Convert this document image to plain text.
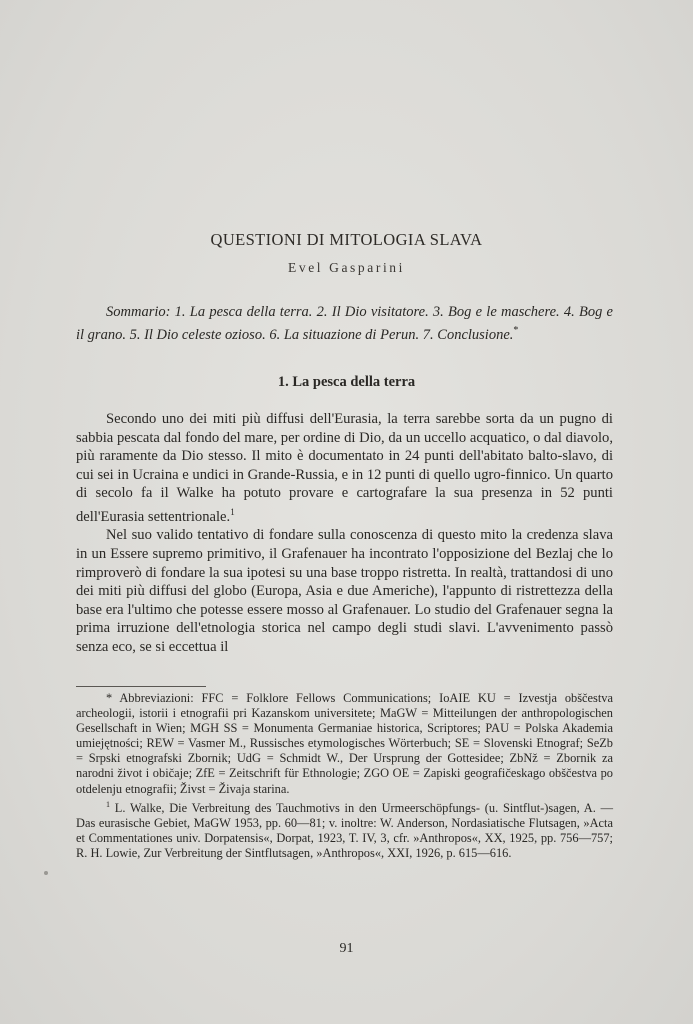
QUESTIONI DI MITOLOGIA SLAVA
Evel Gasparini
Sommario: 1. La pesca della terra. 2. Il Dio visitatore. 3. Bog e le maschere. 4. Bog e il grano. 5. Il Dio celeste ozioso. 6. La situazione di Perun. 7. Conclusione.*
1. La pesca della terra

Secondo uno dei miti più diffusi dell'Eurasia, la terra sarebbe sorta da un pugno di sabbia pescata dal fondo del mare, per ordine di Dio, da un uccello acquatico, o dal diavolo, più raramente da Dio stesso. Il mito è documentato in 24 punti dell'abitato balto-slavo, di cui sei in Ucraina e undici in Grande-Russia, e in 12 punti di quello ugro-finnico. Un quarto di secolo fa il Walke ha potuto provare e cartografare la sua presenza in 52 punti dell'Eurasia settentrionale.$^1$

Nel suo valido tentativo di fondare sulla conoscenza di questo mito la credenza slava in un Essere supremo primitivo, il Grafenauer ha incontrato l'opposizione del Bezlaj che lo rimproverò di fondare la sua ipotesi su una base troppo ristretta. In realtà, trattandosi di uno dei miti più diffusi del globo (Europa, Asia e due Americhe), l'appunto di ristrettezza della base era l'ultimo che potesse essere mosso al Grafenauer. Lo studio del Grafenauer segna la prima irruzione dell'etnologia storica nel campo degli studi slavi. L'avvenimento passò senza eco, se si eccettua il

* Abbreviazioni: FFC = Folklore Fellows Communications; IoAIE KU = Izvestja obščestva archeologii, istorii i etnografii pri Kazanskom universitete; MaGW = Mitteilungen der anthropologischen Gesellschaft in Wien; MGH SS = Monumenta Germaniae historica, Scriptores; PAU = Polska Akademia umiejętności; REW = Vasmer M., Russisches etymologisches Wörterbuch; SE = Slovenski Etnograf; SeZb = Srpski etnografski Zbornik; UdG = Schmidt W., Der Ursprung der Gottesidee; ZbNž = Zbornik za narodni život i običaje; ZfE = Zeitschrift für Ethnologie; ZGO OE = Zapiski geografičeskago obščestva po otdelenju etnografii; Živst = Živaja starina.

$^1$ L. Walke, Die Verbreitung des Tauchmotivs in den Urmeerschöpfungs- (u. Sintflut-)sagen, A. — Das eurasische Gebiet, MaGW 1953, pp. 60—81; v. inoltre: W. Anderson, Nordasiatische Flutsagen, »Acta et Commentationes univ. Dorpatensis«, Dorpat, 1923, T. IV, 3, cfr. »Anthropos«, XX, 1925, pp. 756—757; R. H. Lowie, Zur Verbreitung der Sintflutsagen, »Anthropos«, XXI, 1926, p. 615—616.

91
